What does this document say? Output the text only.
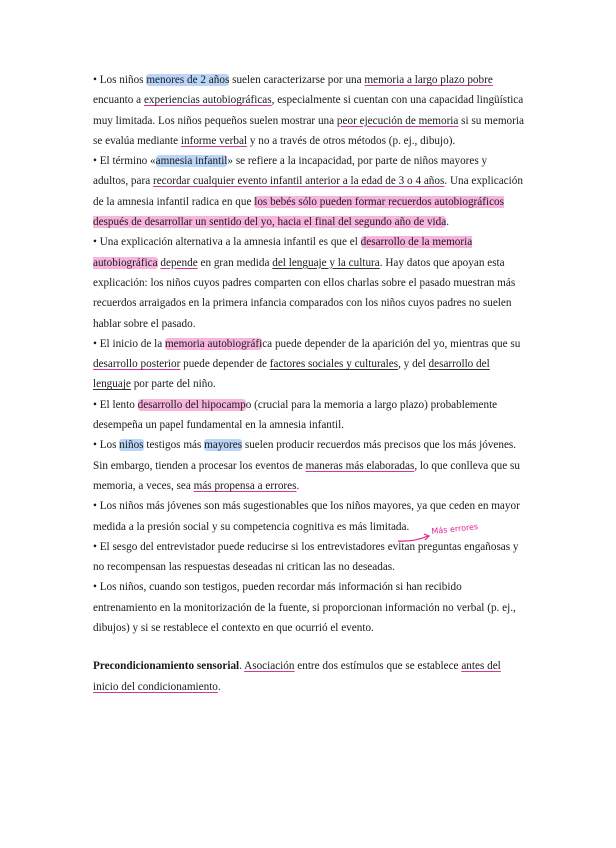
• Los niños menores de 2 años suelen caracterizarse por una memoria a largo plazo pobre encuanto a experiencias autobiográficas, especialmente si cuentan con una capacidad lingüística muy limitada. Los niños pequeños suelen mostrar una peor ejecución de memoria si su memoria se evalúa mediante informe verbal y no a través de otros métodos (p. ej., dibujo).

• El término «amnesia infantil» se refiere a la incapacidad, por parte de niños mayores y adultos, para recordar cualquier evento infantil anterior a la edad de 3 o 4 años. Una explicación de la amnesia infantil radica en que los bebés sólo pueden formar recuerdos autobiográficos después de desarrollar un sentido del yo, hacia el final del segundo año de vida.

• Una explicación alternativa a la amnesia infantil es que el desarrollo de la memoria autobiográfica depende en gran medida del lenguaje y la cultura. Hay datos que apoyan esta explicación: los niños cuyos padres comparten con ellos charlas sobre el pasado muestran más recuerdos arraigados en la primera infancia comparados con los niños cuyos padres no suelen hablar sobre el pasado.

• El inicio de la memoria autobiográfica puede depender de la aparición del yo, mientras que su desarrollo posterior puede depender de factores sociales y culturales, y del desarrollo del lenguaje por parte del niño.

• El lento desarrollo del hipocampo (crucial para la memoria a largo plazo) probablemente desempeña un papel fundamental en la amnesia infantil.

• Los niños testigos más mayores suelen producir recuerdos más precisos que los más jóvenes. Sin embargo, tienden a procesar los eventos de maneras más elaboradas, lo que conlleva que su memoria, a veces, sea más propensa a errores.

• Los niños más jóvenes son más sugestionables que los niños mayores, ya que ceden en mayor medida a la presión social y su competencia cognitiva es más limitada.

• El sesgo del entrevistador puede reducirse si los entrevistadores evitan preguntas engañosas y no recompensan las respuestas deseadas ni critican las no deseadas.

• Los niños, cuando son testigos, pueden recordar más información si han recibido entrenamiento en la monitorización de la fuente, si proporcionan información no verbal (p. ej., dibujos) y si se restablece el contexto en que ocurrió el evento.

Precondicionamiento sensorial. Asociación entre dos estímulos que se establece antes del inicio del condicionamiento.

Más errores
